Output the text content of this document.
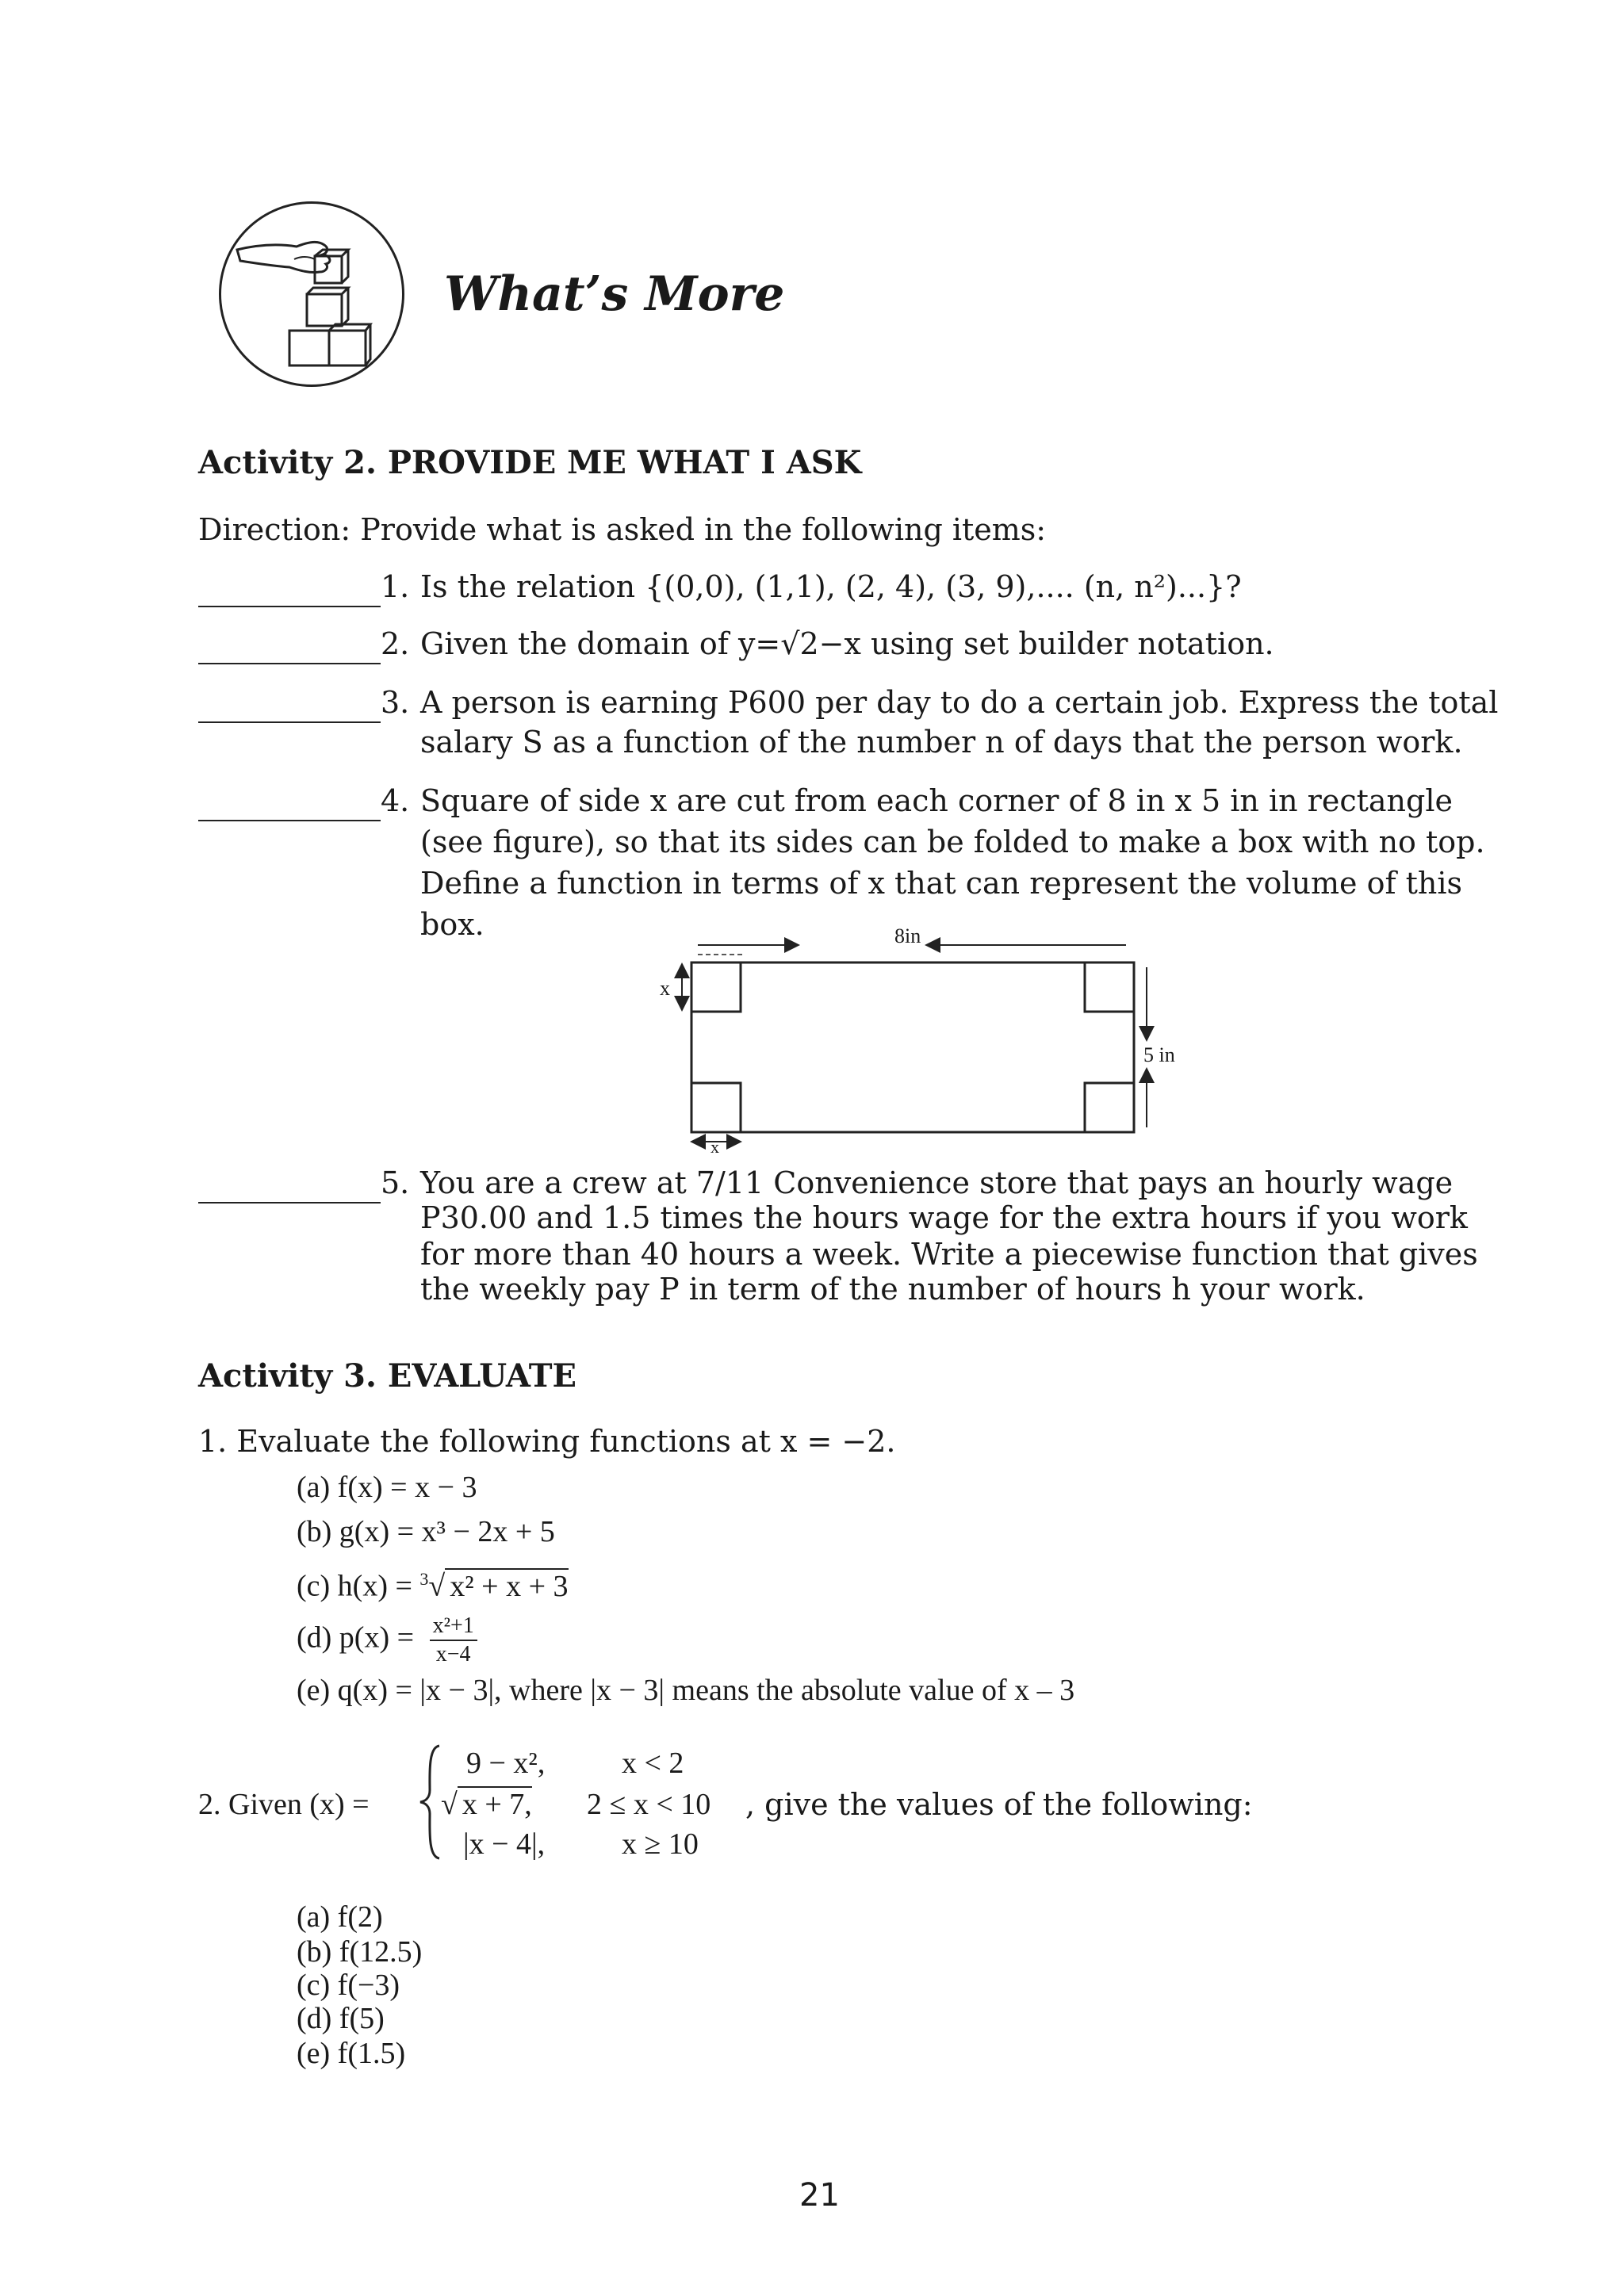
What’s More
Activity 2. PROVIDE ME WHAT I ASK
Direction: Provide what is asked in the following items:
1. Is the relation {(0,0), (1,1), (2, 4), (3, 9),.... (n, n²)...}?
2. Given the domain of y=√2−x using set builder notation.
3. A person is earning P600 per day to do a certain job. Express the total
salary S as a function of the number n of days that the person work.
4. Square of side x are cut from each corner of 8 in x 5 in in rectangle
(see figure), so that its sides can be folded to make a box with no top.
Define a function in terms of x that can represent the volume of this
box.	8in
5 in
x
x
5. You are a crew at 7/11 Convenience store that pays an hourly wage
P30.00 and 1.5 times the hours wage for the extra hours if you work
for more than 40 hours a week. Write a piecewise function that gives
the weekly pay P in term of the number of hours h your work.
Activity 3. EVALUATE
1. Evaluate the following functions at x = −2.
(a) f(x) = x − 3
(b) g(x) = x³ − 2x + 5
(c) h(x) = $^3$√ x² + x + 3
(d) $p(x) = \frac{\text{x²+1}}{x-4}$
(e) q(x) = |x − 3|, where |x − 3| means the absolute value of x – 3
2. Given (x) =
9 − x²,	x < 2
√ x + 7, 2 ≤ x < 10
|x − 4|,	x ≥ 10
, give the values of the following:
(a) f(2)
(b) f(12.5)
(c) f(−3)
(d) f(5)
(e) f(1.5)
21
